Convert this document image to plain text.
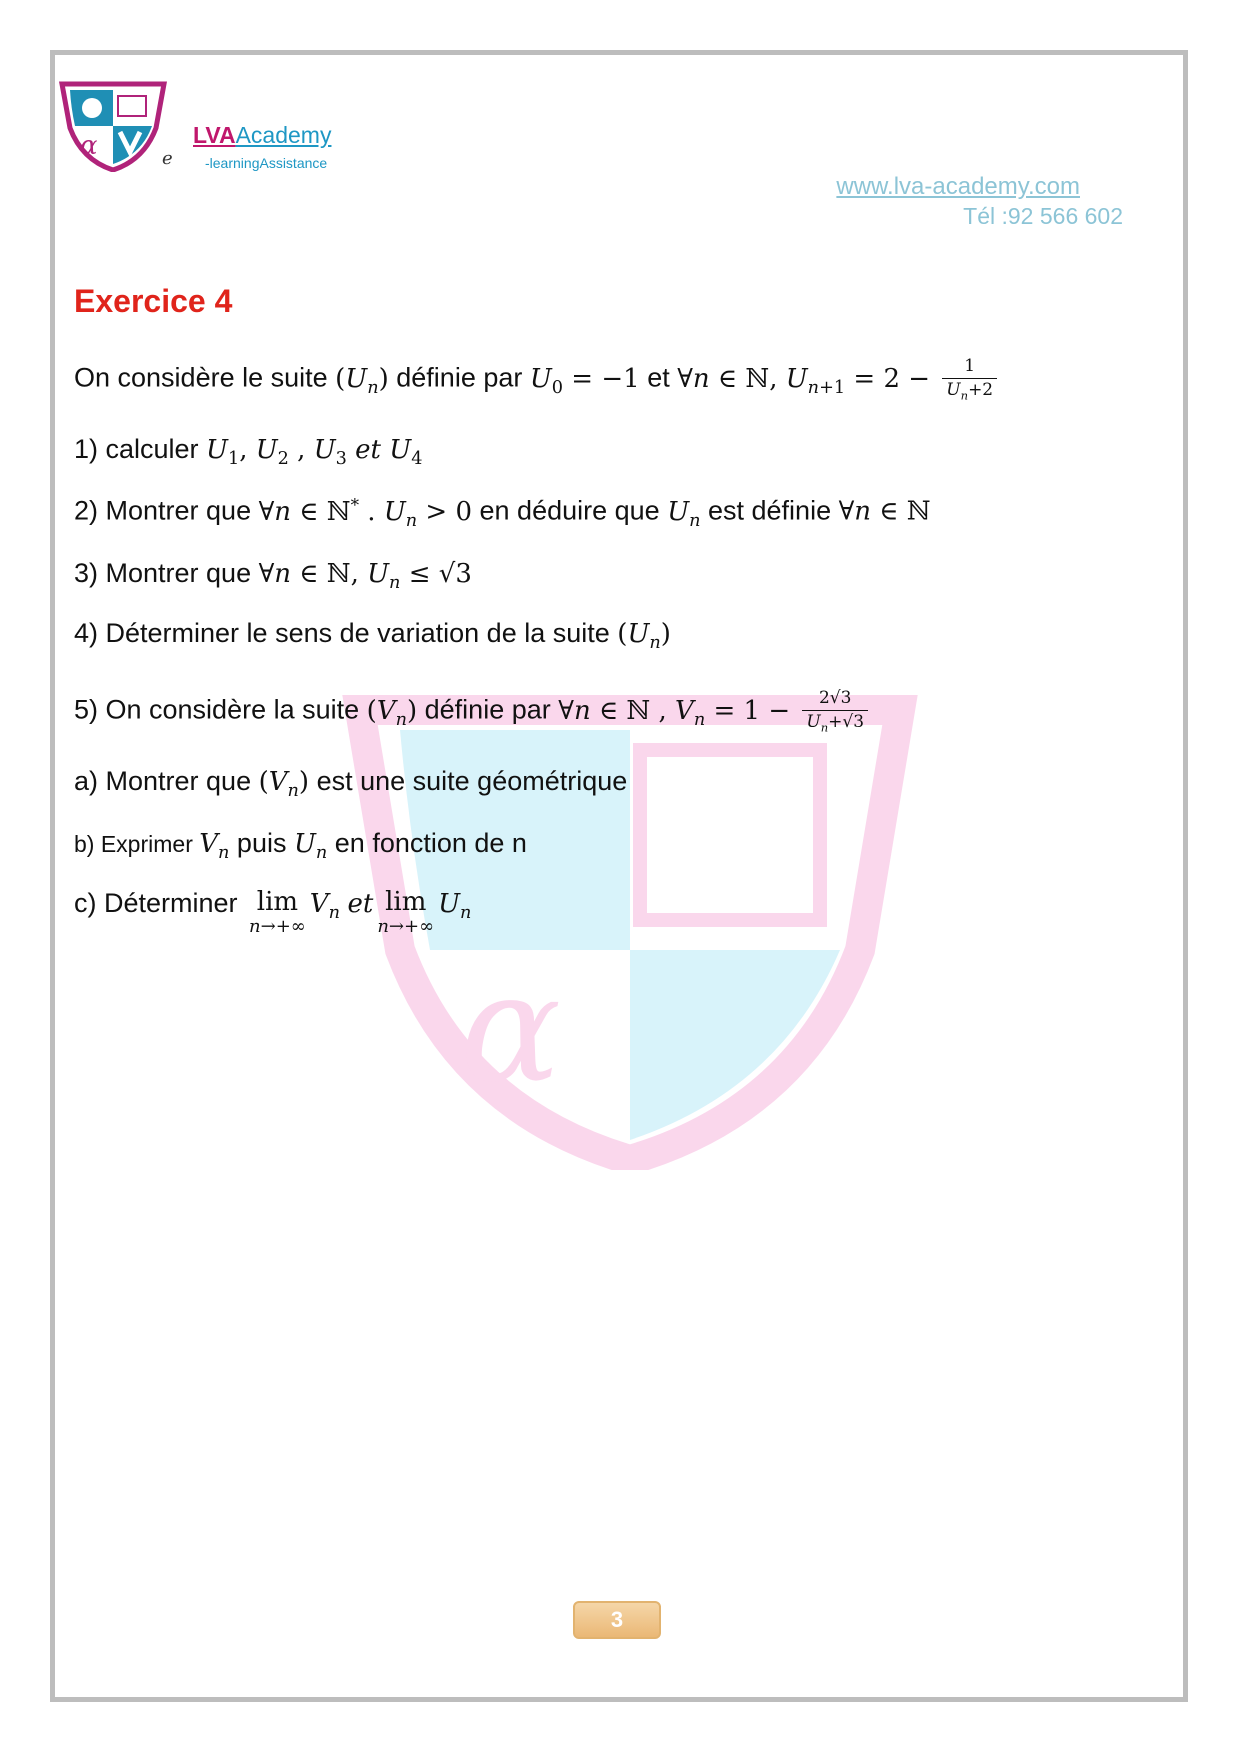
α
α	e
LVAAcademy
-learningAssistance
www.lva-academy.com
Tél :92 566 602
Exercice 4
On considère le suite $(U_n)$ définie par $U_0 = -1$ et ∀n ∈ ℕ, $U_{n+1} = 2 - \frac{1}{U_n+2}$
1) calculer $U_1$, $U_2$ , $U_3$ et $U_4$
2) Montrer que ∀n ∈ ℕ* . $U_n > 0$ en déduire que $U_n$ est définie ∀n ∈ ℕ
3) Montrer que ∀n ∈ ℕ, $U_n \le √3$
4) Déterminer le sens de variation de la suite $(U_n)$
5) On considère la suite $(V_n)$ définie par ∀n ∈ ℕ , $V_n = 1 - \frac{2√3}{U_n+√3}$
a) Montrer que $(V_n)$ est une suite géométrique
b) Exprimer $V_n$ puis $U_n$ en fonction de n
c) Déterminer lim
n→+∞
$V_n$ et lim
n→+∞
$U_n$
3
